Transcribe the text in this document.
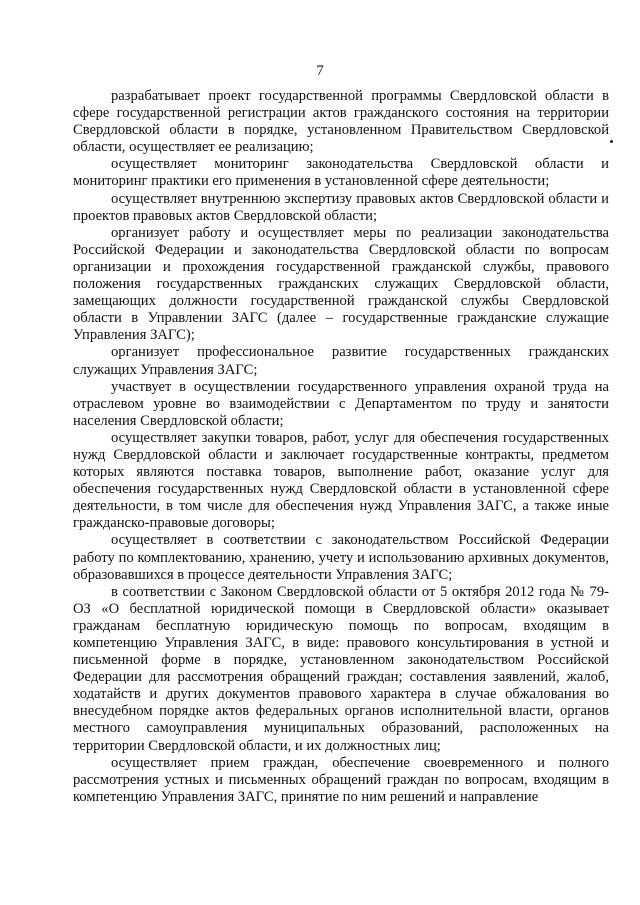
7

разрабатывает проект государственной программы Свердловской области в сфере государственной регистрации актов гражданского состояния на территории Свердловской области в порядке, установленном Правительством Свердловской области, осуществляет ее реализацию;

осуществляет мониторинг законодательства Свердловской области и мониторинг практики его применения в установленной сфере деятельности;

осуществляет внутреннюю экспертизу правовых актов Свердловской области и проектов правовых актов Свердловской области;

организует работу и осуществляет меры по реализации законодательства Российской Федерации и законодательства Свердловской области по вопросам организации и прохождения государственной гражданской службы, правового положения государственных гражданских служащих Свердловской области, замещающих должности государственной гражданской службы Свердловской области в Управлении ЗАГС (далее – государственные гражданские служащие Управления ЗАГС);

организует профессиональное развитие государственных гражданских служащих Управления ЗАГС;

участвует в осуществлении государственного управления охраной труда на отраслевом уровне во взаимодействии с Департаментом по труду и занятости населения Свердловской области;

осуществляет закупки товаров, работ, услуг для обеспечения государственных нужд Свердловской области и заключает государственные контракты, предметом которых являются поставка товаров, выполнение работ, оказание услуг для обеспечения государственных нужд Свердловской области в установленной сфере деятельности, в том числе для обеспечения нужд Управления ЗАГС, а также иные гражданско-правовые договоры;

осуществляет в соответствии с законодательством Российской Федерации работу по комплектованию, хранению, учету и использованию архивных документов, образовавшихся в процессе деятельности Управления ЗАГС;

в соответствии с Законом Свердловской области от 5 октября 2012 года № 79-ОЗ «О бесплатной юридической помощи в Свердловской области» оказывает гражданам бесплатную юридическую помощь по вопросам, входящим в компетенцию Управления ЗАГС, в виде: правового консультирования в устной и письменной форме в порядке, установленном законодательством Российской Федерации для рассмотрения обращений граждан; составления заявлений, жалоб, ходатайств и других документов правового характера в случае обжалования во внесудебном порядке актов федеральных органов исполнительной власти, органов местного самоуправления муниципальных образований, расположенных на территории Свердловской области, и их должностных лиц;

осуществляет прием граждан, обеспечение своевременного и полного рассмотрения устных и письменных обращений граждан по вопросам, входящим в компетенцию Управления ЗАГС, принятие по ним решений и направление
